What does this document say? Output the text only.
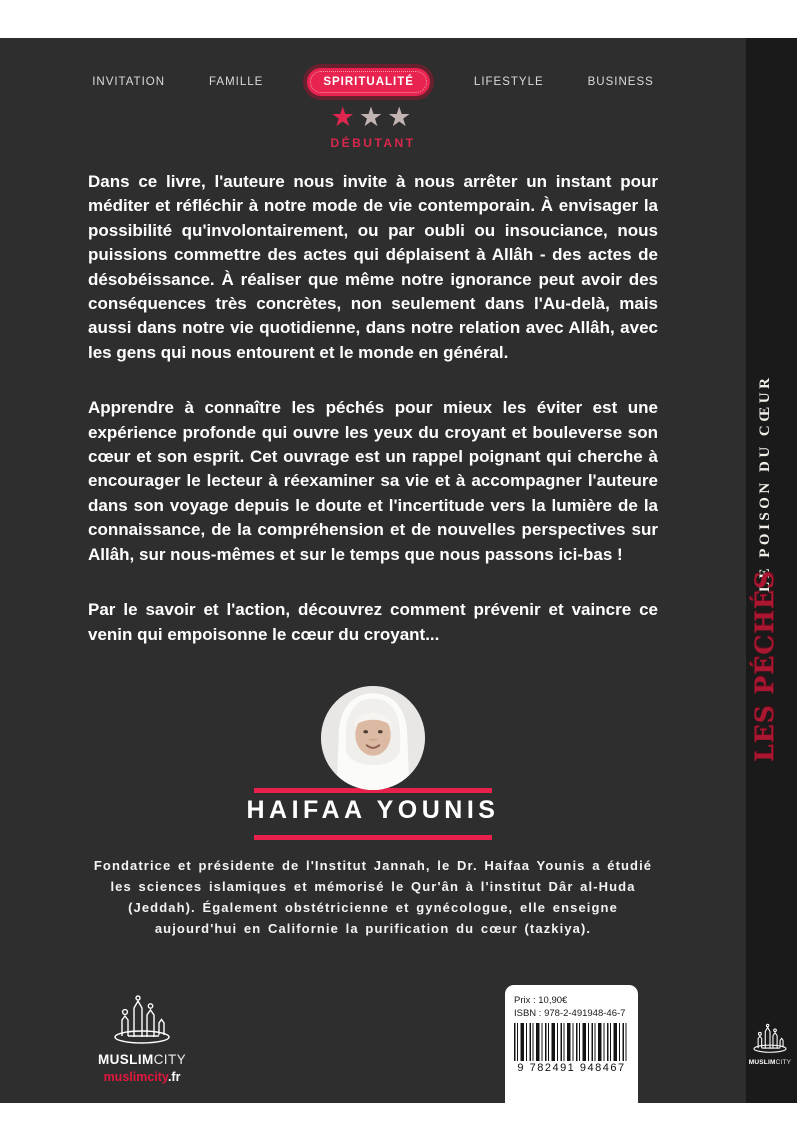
INVITATION	FAMILLE	SPIRITUALITÉ	LIFESTYLE	BUSINESS
★★★
DÉBUTANT

Dans ce livre, l'auteure nous invite à nous arrêter un instant pour méditer et réfléchir à notre mode de vie contemporain. À envisager la possibilité qu'involontairement, ou par oubli ou insouciance, nous puissions commettre des actes qui déplaisent à Allâh - des actes de désobéissance. À réaliser que même notre ignorance peut avoir des conséquences très concrètes, non seulement dans l'Au-delà, mais aussi dans notre vie quotidienne, dans notre relation avec Allâh, avec les gens qui nous entourent et le monde en général.

Apprendre à connaître les péchés pour mieux les éviter est une expérience profonde qui ouvre les yeux du croyant et bouleverse son cœur et son esprit. Cet ouvrage est un rappel poignant qui cherche à encourager le lecteur à réexaminer sa vie et à accompagner l'auteure dans son voyage depuis le doute et l'incertitude vers la lumière de la connaissance, de la compréhension et de nouvelles perspectives sur Allâh, sur nous-mêmes et sur le temps que nous passons ici-bas !

Par le savoir et l'action, découvrez comment prévenir et vaincre ce venin qui empoisonne le cœur du croyant...

HAIFAA YOUNIS
Fondatrice et présidente de l'Institut Jannah, le Dr. Haifaa Younis a étudié les sciences islamiques et mémorisé le Qur'ân à l'institut Dâr al-Huda (Jeddah). Également obstétricienne et gynécologue, elle enseigne aujourd'hui en Californie la purification du cœur (tazkiya).
MUSLIMCITY
muslimcity.fr
Prix : 10,90€
ISBN : 978-2-491948-46-7
9 782491 948467	MUSLIMCITY
LE POISON DU CŒUR
LES PÉCHÉS
